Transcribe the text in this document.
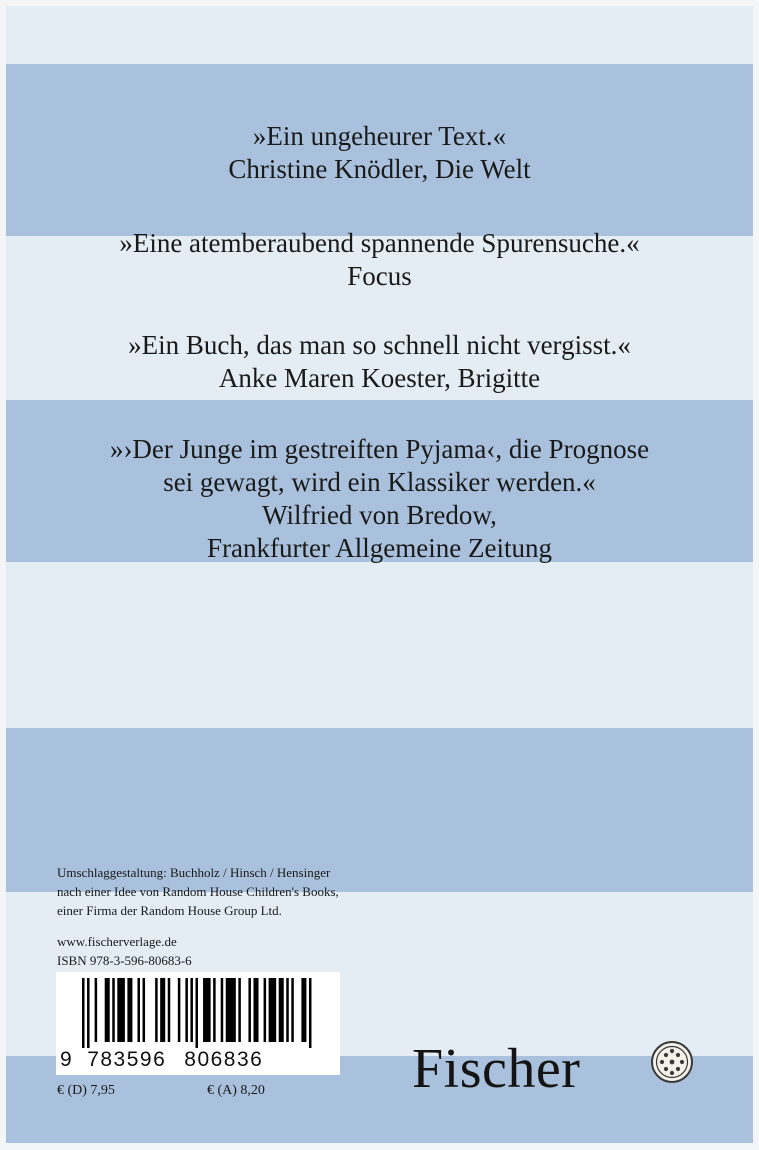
»Ein ungeheurer Text.«
Christine Knödler, Die Welt
»Eine atemberaubend spannende Spurensuche.«
Focus
»Ein Buch, das man so schnell nicht vergisst.«
Anke Maren Koester, Brigitte
»›Der Junge im gestreiften Pyjama‹, die Prognose
sei gewagt, wird ein Klassiker werden.«
Wilfried von Bredow,
Frankfurter Allgemeine Zeitung
Umschlaggestaltung: Buchholz / Hinsch / Hensinger
nach einer Idee von Random House Children's Books,
einer Firma der Random House Group Ltd.
www.fischerverlage.de
ISBN 978-3-596-80683-6
9 783596 806836
€ (D) 7,95	€ (A) 8,20	Fischer
